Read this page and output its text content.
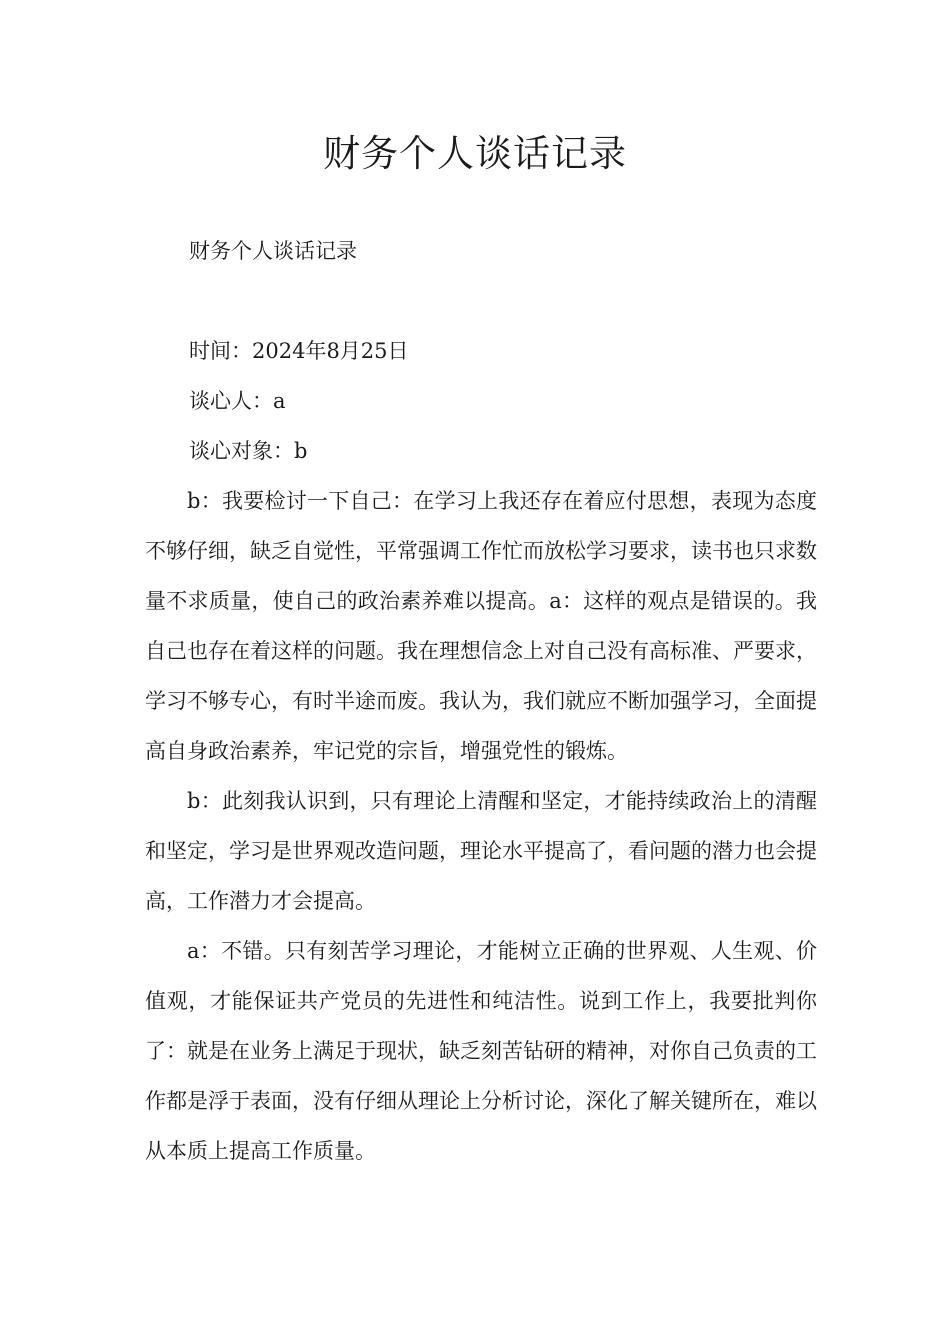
财务个人谈话记录
财务个人谈话记录
时间：2024年8月25日
谈心人：a
谈心对象：b

b：我要检讨一下自己：在学习上我还存在着应付思想，表现为态度不够仔细，缺乏自觉性，平常强调工作忙而放松学习要求，读书也只求数量不求质量，使自己的政治素养难以提高。a：这样的观点是错误的。我自己也存在着这样的问题。我在理想信念上对自己没有高标准、严要求，学习不够专心，有时半途而废。我认为，我们就应不断加强学习，全面提高自身政治素养，牢记党的宗旨，增强党性的锻炼。

b：此刻我认识到，只有理论上清醒和坚定，才能持续政治上的清醒和坚定，学习是世界观改造问题，理论水平提高了，看问题的潜力也会提高，工作潜力才会提高。

a：不错。只有刻苦学习理论，才能树立正确的世界观、人生观、价值观，才能保证共产党员的先进性和纯洁性。说到工作上，我要批判你了：就是在业务上满足于现状，缺乏刻苦钻研的精神，对你自己负责的工作都是浮于表面，没有仔细从理论上分析讨论，深化了解关键所在，难以从本质上提高工作质量。
